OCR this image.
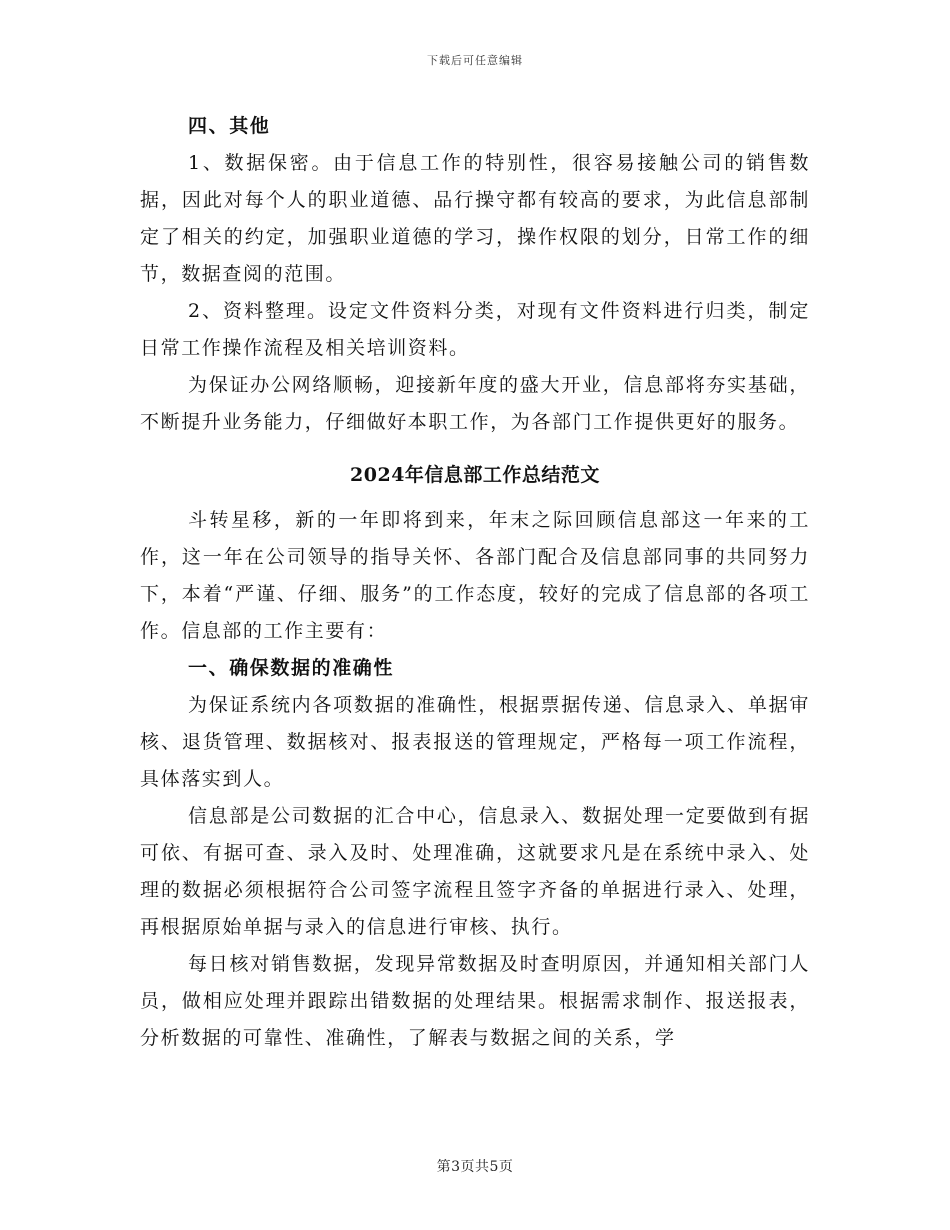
下载后可任意编辑

四、其他

1、数据保密。由于信息工作的特别性，很容易接触公司的销售数据，因此对每个人的职业道德、品行操守都有较高的要求，为此信息部制定了相关的约定，加强职业道德的学习，操作权限的划分，日常工作的细节，数据查阅的范围。

2、资料整理。设定文件资料分类，对现有文件资料进行归类，制定日常工作操作流程及相关培训资料。

为保证办公网络顺畅，迎接新年度的盛大开业，信息部将夯实基础，不断提升业务能力，仔细做好本职工作，为各部门工作提供更好的服务。

2024年信息部工作总结范文

斗转星移，新的一年即将到来，年末之际回顾信息部这一年来的工作，这一年在公司领导的指导关怀、各部门配合及信息部同事的共同努力下，本着“严谨、仔细、服务”的工作态度，较好的完成了信息部的各项工作。信息部的工作主要有：

一、确保数据的准确性

为保证系统内各项数据的准确性，根据票据传递、信息录入、单据审核、退货管理、数据核对、报表报送的管理规定，严格每一项工作流程，具体落实到人。

信息部是公司数据的汇合中心，信息录入、数据处理一定要做到有据可依、有据可查、录入及时、处理准确，这就要求凡是在系统中录入、处理的数据必须根据符合公司签字流程且签字齐备的单据进行录入、处理，再根据原始单据与录入的信息进行审核、执行。

每日核对销售数据，发现异常数据及时查明原因，并通知相关部门人员，做相应处理并跟踪出错数据的处理结果。根据需求制作、报送报表，分析数据的可靠性、准确性，了解表与数据之间的关系，学

第3页共5页
